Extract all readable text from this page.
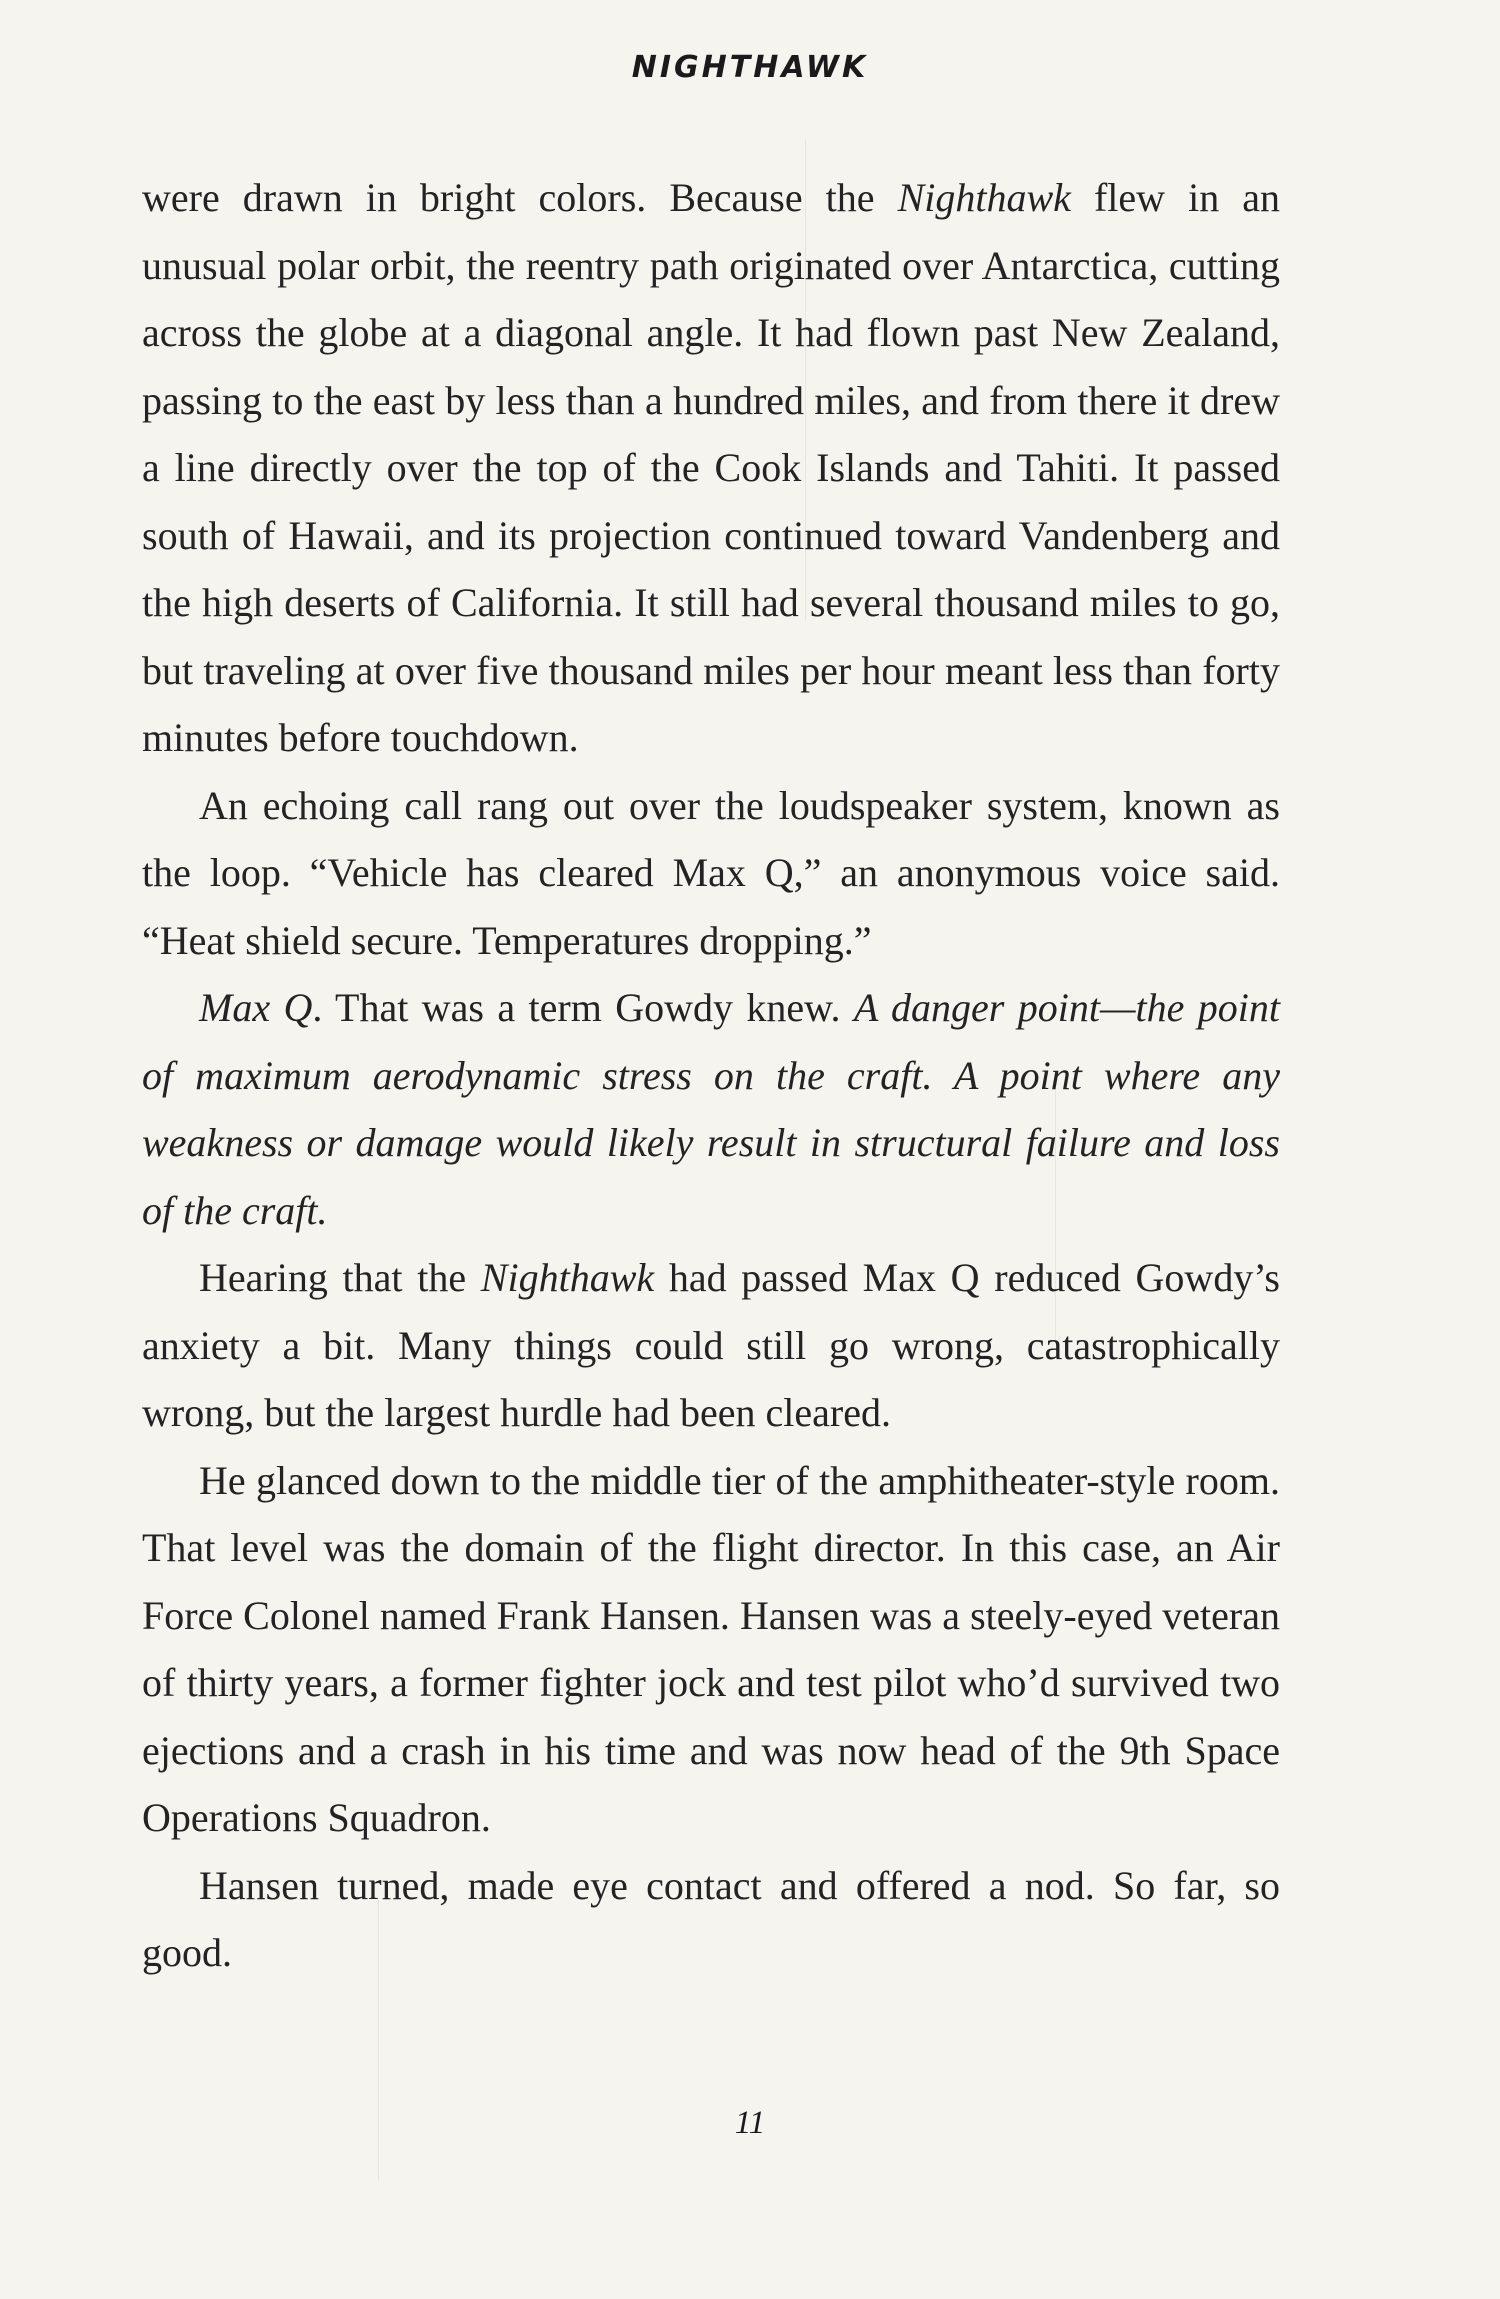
NIGHTHAWK

were drawn in bright colors. Because the Nighthawk flew in an unusual polar orbit, the reentry path originated over Antarctica, cutting across the globe at a diagonal angle. It had flown past New Zealand, passing to the east by less than a hundred miles, and from there it drew a line directly over the top of the Cook Islands and Tahiti. It passed south of Hawaii, and its projection continued toward Vandenberg and the high deserts of California. It still had several thousand miles to go, but traveling at over five thousand miles per hour meant less than forty minutes before touchdown.

An echoing call rang out over the loudspeaker system, known as the loop. “Vehicle has cleared Max Q,” an anonymous voice said. “Heat shield secure. Temperatures dropping.”

Max Q. That was a term Gowdy knew. A danger point—the point of maximum aerodynamic stress on the craft. A point where any weakness or damage would likely result in structural failure and loss of the craft.

Hearing that the Nighthawk had passed Max Q reduced Gowdy’s anxiety a bit. Many things could still go wrong, catastrophically wrong, but the largest hurdle had been cleared.

He glanced down to the middle tier of the amphitheater-style room. That level was the domain of the flight director. In this case, an Air Force Colonel named Frank Hansen. Hansen was a steely-eyed veteran of thirty years, a former fighter jock and test pilot who’d survived two ejections and a crash in his time and was now head of the 9th Space Operations Squadron.

Hansen turned, made eye contact and offered a nod. So far, so good.

11
